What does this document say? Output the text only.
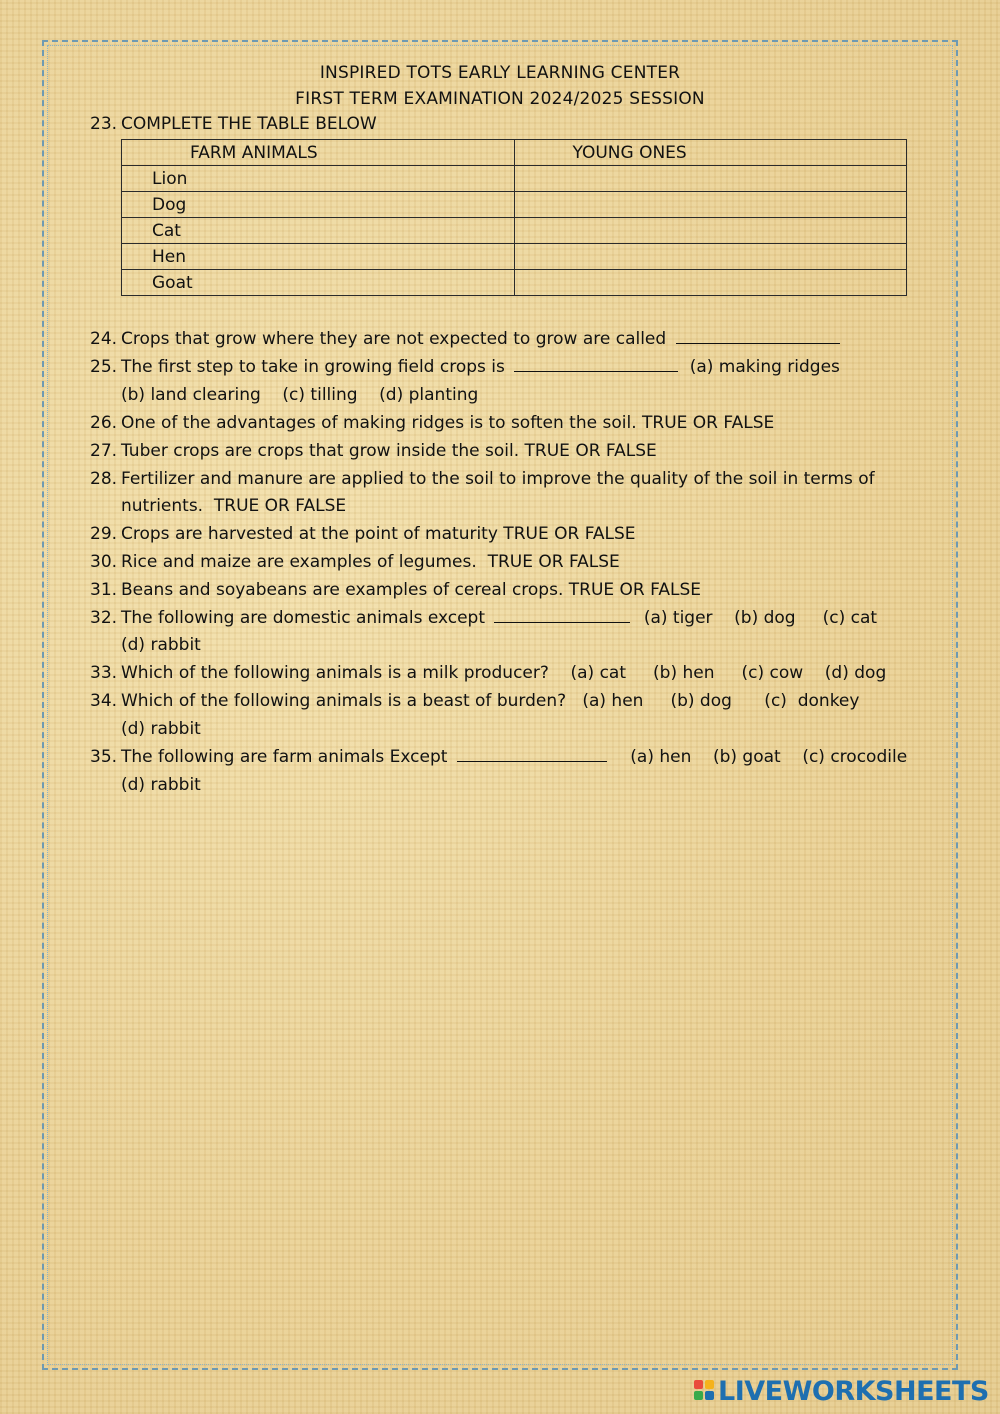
INSPIRED TOTS EARLY LEARNING CENTER
FIRST TERM EXAMINATION 2024/2025 SESSION
23. COMPLETE THE TABLE BELOW
FARM ANIMALS	YOUNG ONES
Lion	
Dog	
Cat	
Hen	
Goat	
24. Crops that grow where they are not expected to grow are called
25. The first step to take in growing field crops is	(a) making ridges
(b) land clearing    (c) tilling    (d) planting
26. One of the advantages of making ridges is to soften the soil. TRUE OR FALSE
27. Tuber crops are crops that grow inside the soil. TRUE OR FALSE
28. Fertilizer and manure are applied to the soil to improve the quality of the soil in terms of
nutrients.  TRUE OR FALSE
29. Crops are harvested at the point of maturity TRUE OR FALSE
30. Rice and maize are examples of legumes.  TRUE OR FALSE
31. Beans and soyabeans are examples of cereal crops. TRUE OR FALSE
32. The following are domestic animals except	(a) tiger    (b) dog     (c) cat
(d) rabbit
33. Which of the following animals is a milk producer?    (a) cat     (b) hen     (c) cow    (d) dog
34. Which of the following animals is a beast of burden?   (a) hen     (b) dog      (c)  donkey
(d) rabbit
35. The following are farm animals Except	(a) hen    (b) goat    (c) crocodile
(d) rabbit
LIVEWORKSHEETS
